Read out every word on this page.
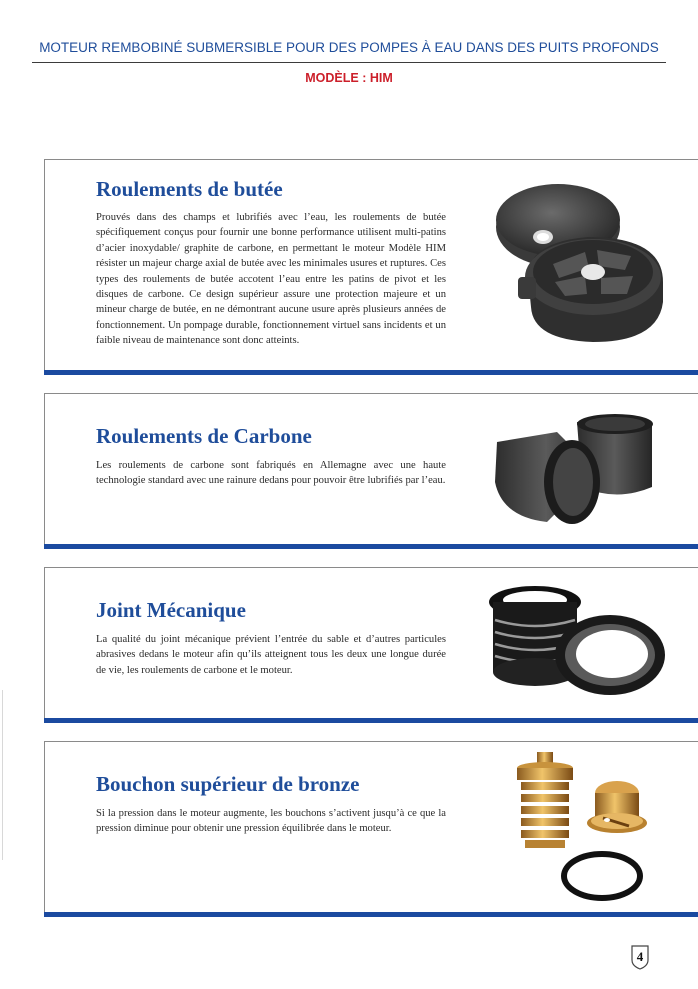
MOTEUR REMBOBINÉ SUBMERSIBLE POUR DES POMPES À EAU DANS DES PUITS PROFONDS
MODÈLE : HIM
Roulements de butée

Prouvés dans des champs et lubrifiés avec l’eau, les roulements de butée spécifiquement conçus pour fournir une bonne performance utilisent multi-patins d’acier inoxydable/ graphite de carbone, en permettant le moteur Modèle HIM résister un majeur charge axial de butée avec les minimales usures et ruptures. Ces types des roulements de butée accotent l’eau entre les patins de pivot et les disques de carbone. Ce design supérieur assure une protection majeure et un mineur charge de butée, en ne démontrant aucune usure après plusieurs années de fonctionnement. Un pompage durable, fonctionnement virtuel sans incidents et un faible niveau de maintenance sont donc atteints.

Roulements de Carbone

Les roulements de carbone sont fabriqués en Allemagne avec une haute technologie standard avec une rainure dedans pour pouvoir être lubrifiés par l’eau.

Joint Mécanique

La qualité du joint mécanique prévient l’entrée du sable et d’autres particules abrasives dedans le moteur afin qu’ils atteignent tous les deux une longue durée de vie, les roulements de carbone et le moteur.

Bouchon supérieur de bronze

Si la pression dans le moteur augmente, les bouchons s’activent jusqu’à ce que la pression diminue pour obtenir une pression équilibrée dans le moteur.

4
